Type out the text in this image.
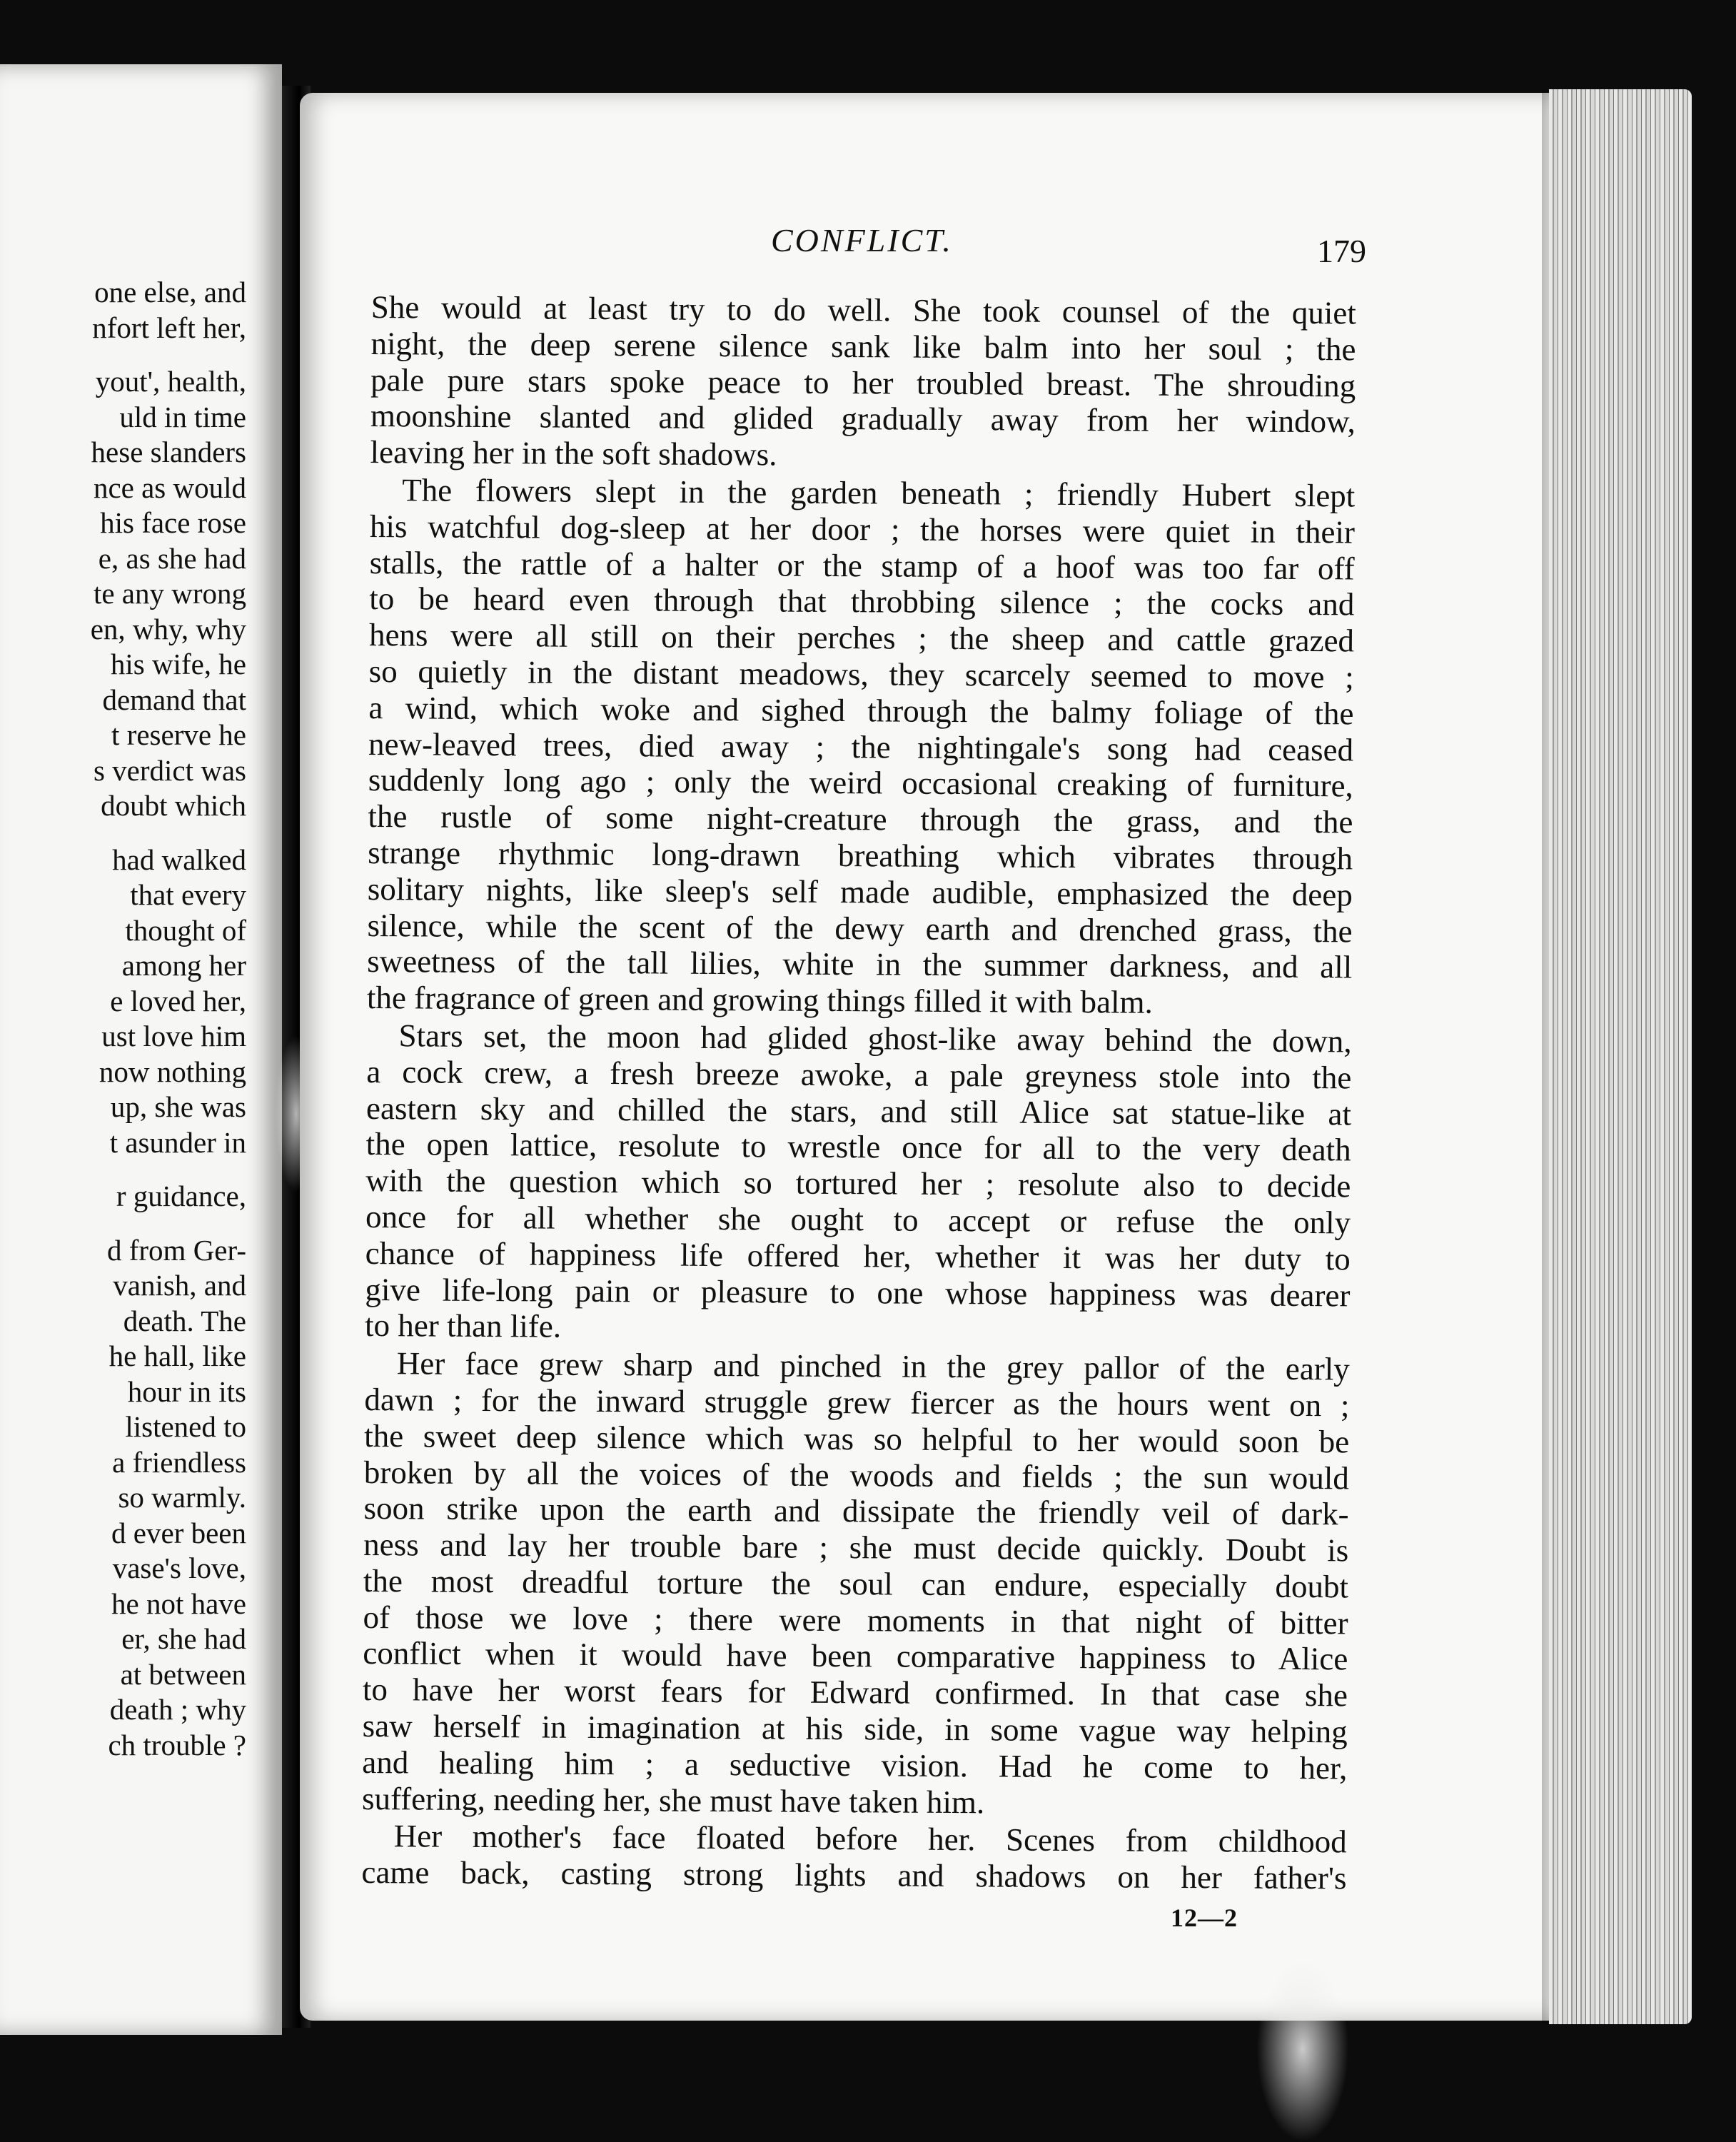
one else, and
nfort left her,
yout', health,
uld in time
hese slanders
nce as would
his face rose
e, as she had
te any wrong
en, why, why
his wife, he
demand that
t reserve he
s verdict was
doubt which
had walked
that every
thought of
among her
e loved her,
ust love him
now nothing
up, she was
t asunder in
r guidance,
d from Ger-
vanish, and
death. The
he hall, like
hour in its
listened to
a friendless
so warmly.
d ever been
vase's love,
he not have
er, she had
at between
death ; why
ch trouble ?
CONFLICT.	179
She would at least try to do well. She took counsel of the quiet
night, the deep serene silence sank like balm into her soul ; the
pale pure stars spoke peace to her troubled breast. The shrouding
moonshine slanted and glided gradually away from her window,
leaving her in the soft shadows.
The flowers slept in the garden beneath ; friendly Hubert slept
his watchful dog-sleep at her door ; the horses were quiet in their
stalls, the rattle of a halter or the stamp of a hoof was too far off
to be heard even through that throbbing silence ; the cocks and
hens were all still on their perches ; the sheep and cattle grazed
so quietly in the distant meadows, they scarcely seemed to move ;
a wind, which woke and sighed through the balmy foliage of the
new-leaved trees, died away ; the nightingale's song had ceased
suddenly long ago ; only the weird occasional creaking of furniture,
the rustle of some night-creature through the grass, and the
strange rhythmic long-drawn breathing which vibrates through
solitary nights, like sleep's self made audible, emphasized the deep
silence, while the scent of the dewy earth and drenched grass, the
sweetness of the tall lilies, white in the summer darkness, and all
the fragrance of green and growing things filled it with balm.
Stars set, the moon had glided ghost-like away behind the down,
a cock crew, a fresh breeze awoke, a pale greyness stole into the
eastern sky and chilled the stars, and still Alice sat statue-like at
the open lattice, resolute to wrestle once for all to the very death
with the question which so tortured her ; resolute also to decide
once for all whether she ought to accept or refuse the only
chance of happiness life offered her, whether it was her duty to
give life-long pain or pleasure to one whose happiness was dearer
to her than life.
Her face grew sharp and pinched in the grey pallor of the early
dawn ; for the inward struggle grew fiercer as the hours went on ;
the sweet deep silence which was so helpful to her would soon be
broken by all the voices of the woods and fields ; the sun would
soon strike upon the earth and dissipate the friendly veil of dark-
ness and lay her trouble bare ; she must decide quickly. Doubt is
the most dreadful torture the soul can endure, especially doubt
of those we love ; there were moments in that night of bitter
conflict when it would have been comparative happiness to Alice
to have her worst fears for Edward confirmed. In that case she
saw herself in imagination at his side, in some vague way helping
and healing him ; a seductive vision. Had he come to her,
suffering, needing her, she must have taken him.
Her mother's face floated before her. Scenes from childhood
came back, casting strong lights and shadows on her father's
12—2
